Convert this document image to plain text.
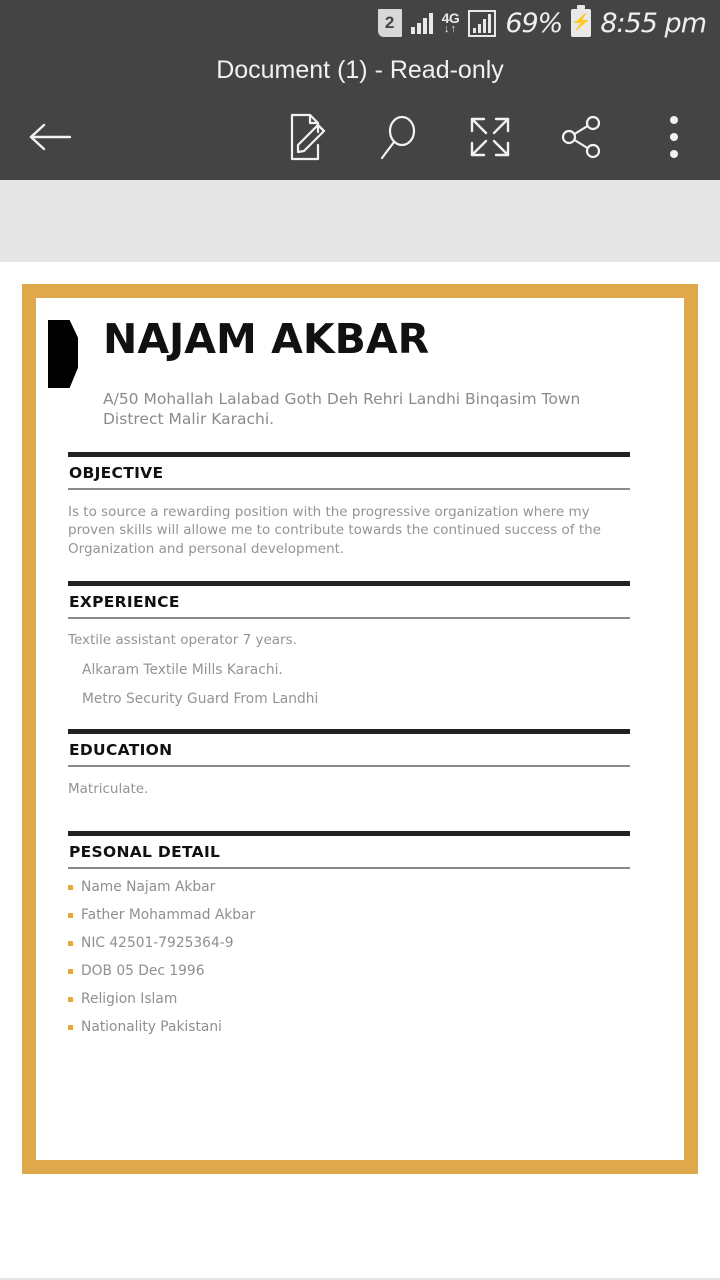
2	4G
↓↑ 69% ⚡ 8:55 pm
Document (1) - Read-only
NAJAM AKBAR
A/50 Mohallah Lalabad Goth Deh Rehri Landhi Binqasim Town
Distrect Malir Karachi.
OBJECTIVE
Is to source a rewarding position with the progressive organization where my proven skills will allowe me to contribute towards the continued success of the Organization and personal development.
EXPERIENCE
Textile assistant operator 7 years.
Alkaram Textile Mills Karachi.
Metro Security Guard From Landhi
EDUCATION
Matriculate.
PESONAL DETAIL
Name Najam Akbar
Father Mohammad Akbar
NIC 42501-7925364-9
DOB 05 Dec 1996
Religion Islam
Nationality Pakistani
